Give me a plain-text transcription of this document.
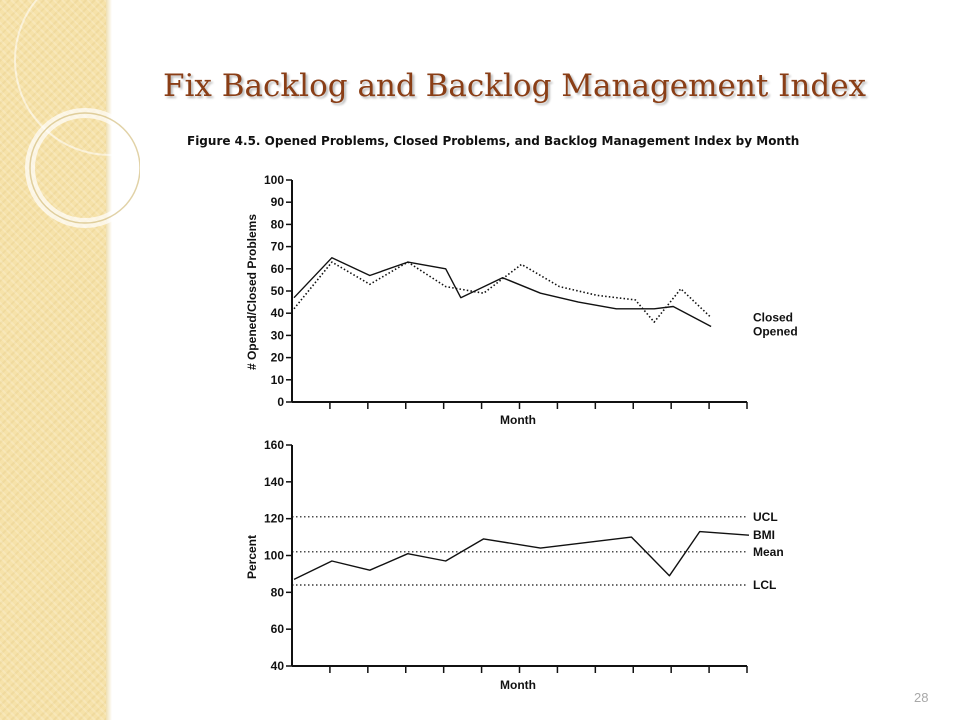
Fix Backlog and Backlog Management Index
Figure 4.5. Opened Problems, Closed Problems, and Backlog Management Index by Month
# Opened/Closed Problems
Month
0
10
20
30
40
50
60
70
80
90
100
Closed
Opened
Percent
Month
40
60
80
100
120
140
160
UCL
Mean
LCL
BMI
28
